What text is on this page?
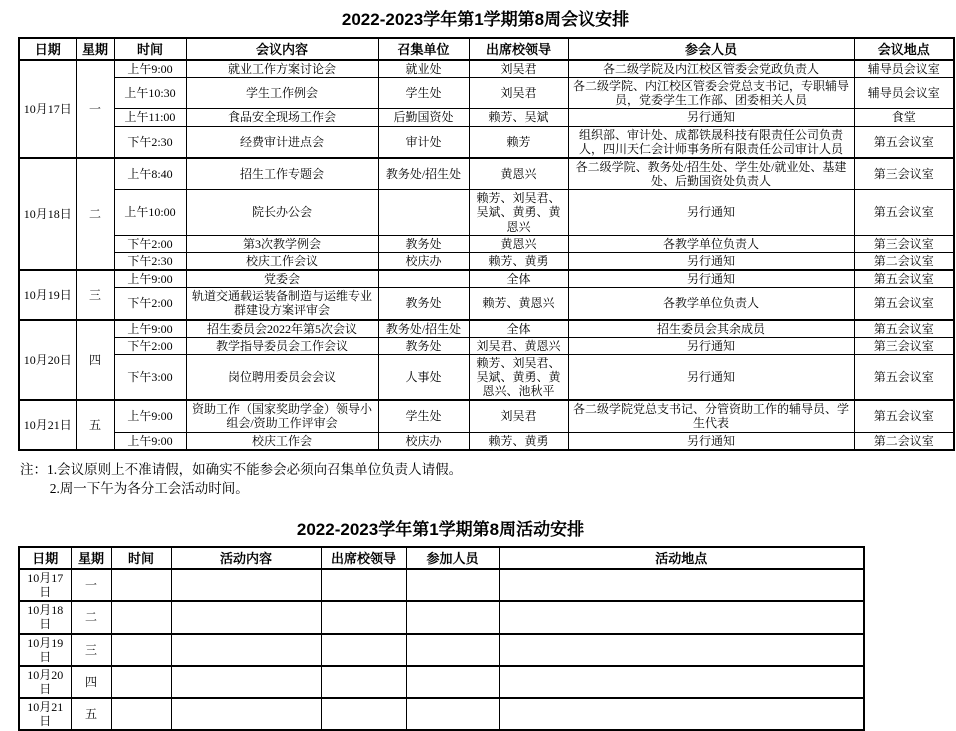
2022-2023学年第1学期第8周会议安排
日期	星期	时间	会议内容	召集单位	出席校领导	参会人员	会议地点
10月17日	一	上午9:00	就业工作方案讨论会	就业处	刘吴君	各二级学院及内江校区管委会党政负责人	辅导员会议室
		上午10:30	学生工作例会	学生处	刘吴君	各二级学院、内江校区管委会党总支书记，专职辅导员，党委学生工作部、团委相关人员	辅导员会议室
		上午11:00	食品安全现场工作会	后勤国资处	赖芳、吴斌	另行通知	食堂
		下午2:30	经费审计进点会	审计处	赖芳	组织部、审计处、成都铁晟科技有限责任公司负责人，四川天仁会计师事务所有限责任公司审计人员	第五会议室
10月18日	二	上午8:40	招生工作专题会	教务处/招生处	黄恩兴	各二级学院、教务处/招生处、学生处/就业处、基建处、后勤国资处负责人	第三会议室
		上午10:00	院长办公会		赖芳、刘吴君、吴斌、黄勇、黄恩兴	另行通知	第五会议室
		下午2:00	第3次教学例会	教务处	黄恩兴	各教学单位负责人	第三会议室
		下午2:30	校庆工作会议	校庆办	赖芳、黄勇	另行通知	第二会议室
10月19日	三	上午9:00	党委会		全体	另行通知	第五会议室
		下午2:00	轨道交通载运装备制造与运维专业群建设方案评审会	教务处	赖芳、黄恩兴	各教学单位负责人	第五会议室
10月20日	四	上午9:00	招生委员会2022年第5次会议	教务处/招生处	全体	招生委员会其余成员	第五会议室
		下午2:00	教学指导委员会工作会议	教务处	刘吴君、黄恩兴	另行通知	第三会议室
		下午3:00	岗位聘用委员会会议	人事处	赖芳、刘吴君、吴斌、黄勇、黄恩兴、池秋平	另行通知	第五会议室
10月21日	五	上午9:00	资助工作（国家奖助学金）领导小组会/资助工作评审会	学生处	刘吴君	各二级学院党总支书记、分管资助工作的辅导员、学生代表	第五会议室
		上午9:00	校庆工作会	校庆办	赖芳、黄勇	另行通知	第二会议室
注：1.会议原则上不准请假，如确实不能参会必须向召集单位负责人请假。
2.周一下午为各分工会活动时间。
2022-2023学年第1学期第8周活动安排
日期	星期	时间	活动内容	出席校领导	参加人员	活动地点
10月17日	一					
10月18日	二					
10月19日	三					
10月20日	四					
10月21日	五					
